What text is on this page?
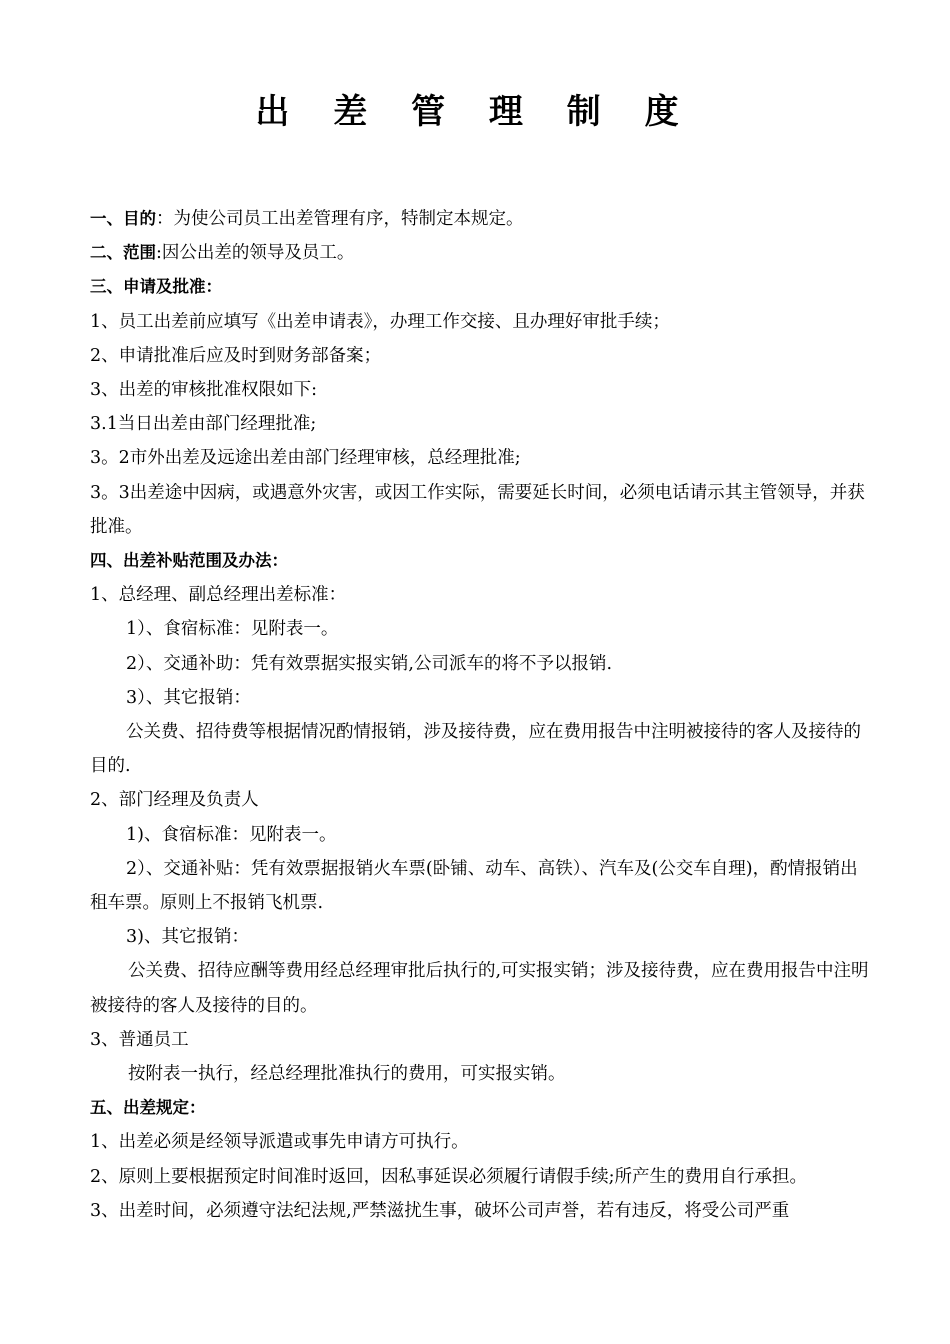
出 差 管 理 制 度

一、目的：为使公司员工出差管理有序，特制定本规定。

二、范围:因公出差的领导及员工。

三、申请及批准：

1、员工出差前应填写《出差申请表》，办理工作交接、且办理好审批手续；

2、申请批准后应及时到财务部备案；

3、出差的审核批准权限如下:

3.1当日出差由部门经理批准;

3。2市外出差及远途出差由部门经理审核，总经理批准;

3。3出差途中因病，或遇意外灾害，或因工作实际，需要延长时间，必须电话请示其主管领导，并获批准。

四、出差补贴范围及办法：

1、总经理、副总经理出差标准：

1）、食宿标准：见附表一。

2）、交通补助：凭有效票据实报实销,公司派车的将不予以报销.

3）、其它报销：

公关费、招待费等根据情况酌情报销，涉及接待费，应在费用报告中注明被接待的客人及接待的目的.

2、部门经理及负责人

1)、食宿标准：见附表一。

2）、交通补贴：凭有效票据报销火车票(卧铺、动车、高铁）、汽车及(公交车自理)，酌情报销出租车票。原则上不报销飞机票.

3)、其它报销：

公关费、招待应酬等费用经总经理审批后执行的,可实报实销；涉及接待费，应在费用报告中注明被接待的客人及接待的目的。

3、普通员工

按附表一执行，经总经理批准执行的费用，可实报实销。

五、出差规定：

1、出差必须是经领导派遣或事先申请方可执行。

2、原则上要根据预定时间准时返回，因私事延误必须履行请假手续;所产生的费用自行承担。

3、出差时间，必须遵守法纪法规,严禁滋扰生事，破坏公司声誉，若有违反，将受公司严重
